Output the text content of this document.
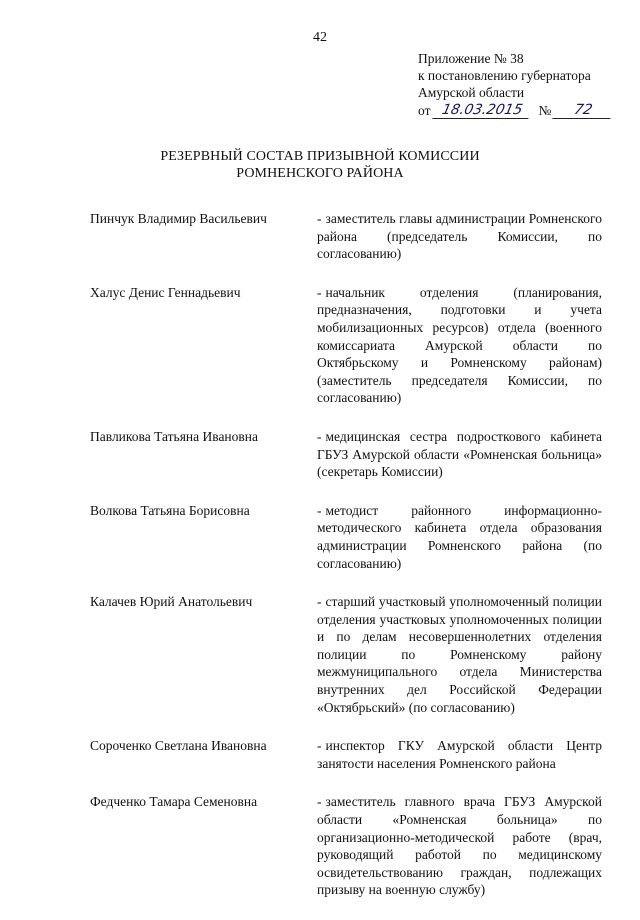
42
Приложение № 38
к постановлению губернатора
Амурской области
от 18.03.2015	№	72
РЕЗЕРВНЫЙ СОСТАВ ПРИЗЫВНОЙ КОМИССИИ
РОМНЕНСКОГО РАЙОНА
Пинчук Владимир Васильевич	- заместитель главы администрации Ромненского района (председатель Комиссии, по согласованию)
Халус Денис Геннадьевич	- начальник отделения (планирования, предназначения, подготовки и учета мобилизационных ресурсов) отдела (военного комиссариата Амурской области по Октябрьскому и Ромненскому районам) (заместитель председателя Комиссии, по согласованию)
Павликова Татьяна Ивановна	- медицинская сестра подросткового кабинета ГБУЗ Амурской области «Ромненская больница» (секретарь Комиссии)
Волкова Татьяна Борисовна	- методист районного информационно-методического кабинета отдела образования администрации Ромненского района (по согласованию)
Калачев Юрий Анатольевич	- старший участковый уполномоченный полиции отделения участковых уполномоченных полиции и по делам несовершеннолетних отделения полиции по Ромненскому району межмуниципального отдела Министерства внутренних дел Российской Федерации «Октябрьский» (по согласованию)
Сороченко Светлана Ивановна	- инспектор ГКУ Амурской области Центр занятости населения Ромненского района
Федченко Тамара Семеновна	- заместитель главного врача ГБУЗ Амурской области «Ромненская больница» по организационно-методической работе (врач, руководящий работой по медицинскому освидетельствованию граждан, подлежащих призыву на военную службу)
